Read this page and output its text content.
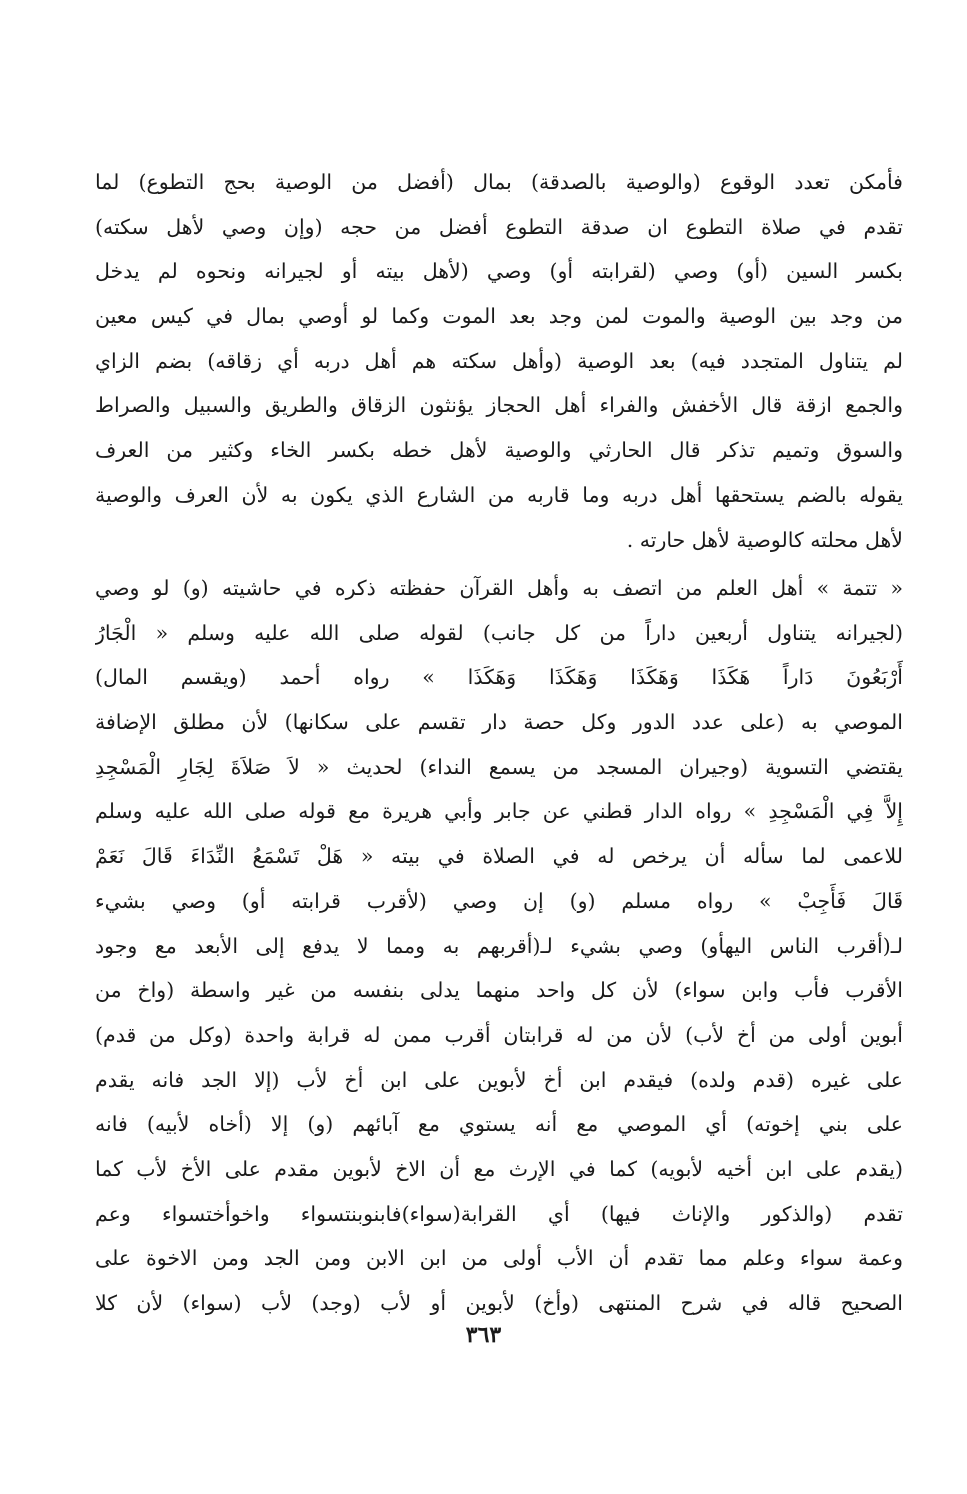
فأمكن تعدد الوقوع (والوصية بالصدقة) بمال (أفضل من الوصية بحج التطوع) لما
تقدم في صلاة التطوع ان صدقة التطوع أفضل من حجه (وإن وصي لأهل سكته)
بكسر السين (أو) وصي (لقرابته أو) وصي (لأهل بيته أو لجيرانه ونحوه لم يدخل
من وجد بين الوصية والموت لمن وجد بعد الموت وكما لو أوصي بمال في كيس معين
لم يتناول المتجدد فيه) بعد الوصية (وأهل سكته هم أهل دربه أي زقاقه) بضم الزاي
والجمع ازقة قال الأخفش والفراء أهل الحجاز يؤنثون الزقاق والطريق والسبيل والصراط
والسوق وتميم تذكر قال الحارثي والوصية لأهل خطه بكسر الخاء وكثير من العرف
يقوله بالضم يستحقها أهل دربه وما قاربه من الشارع الذي يكون به لأن العرف والوصية
لأهل محلته كالوصية لأهل حارته .
« تتمة » أهل العلم من اتصف به وأهل القرآن حفظته ذكره في حاشيته (و) لو وصي
(لجيرانه يتناول أربعين داراً من كل جانب) لقوله صلى الله عليه وسلم « الْجَارُ
أَرْبَعُونَ دَاراً هَكَذَا وَهَكَذَا وَهَكَذَا وَهَكَذَا » رواه أحمد (ويقسم المال)
الموصي به (على عدد الدور وكل حصة دار تقسم على سكانها) لأن مطلق الإضافة
يقتضي التسوية (وجيران المسجد من يسمع النداء) لحديث « لاَ صَلاَةَ لِجَارِ الْمَسْجِدِ
إِلاَّ فِي الْمَسْجِدِ » رواه الدار قطني عن جابر وأبي هريرة مع قوله صلى الله عليه وسلم
للاعمى لما سأله أن يرخص له في الصلاة في بيته « هَلْ تَسْمَعُ النِّدَاءَ قَالَ نَعَمْ
قَالَ فَأَجِبْ » رواه مسلم (و) إن وصي (لأقرب قرابته أو) وصي بشيء
لـ(أقرب الناس اليهأو) وصي بشيء لـ(أقربهم به ومما لا يدفع إلى الأبعد مع وجود
الأقرب فأب وابن سواء) لأن كل واحد منهما يدلى بنفسه من غير واسطة (واخ من
أبوين أولى من أخ لأب) لأن من له قرابتان أقرب ممن له قرابة واحدة (وكل من قدم)
على غيره (قدم ولده) فيقدم ابن أخ لأبوين على ابن أخ لأب (إلا الجد فانه يقدم
على بني إخوته) أي الموصي مع أنه يستوي مع آبائهم (و) إلا (أخاه لأبيه) فانه
(يقدم على ابن أخيه لأبويه) كما في الإرث مع أن الاخ لأبوين مقدم على الأخ لأب كما
تقدم (والذكور والإناث فيها) أي القرابة(سواء)فابنوبنتسواء واخوأختسواء وعم
وعمة سواء وعلم مما تقدم أن الأب أولى من ابن الابن ومن الجد ومن الاخوة على
الصحيح قاله في شرح المنتهى (وأخ) لأبوين أو لأب (وجد) لأب (سواء) لأن كلا
٣٦٣
